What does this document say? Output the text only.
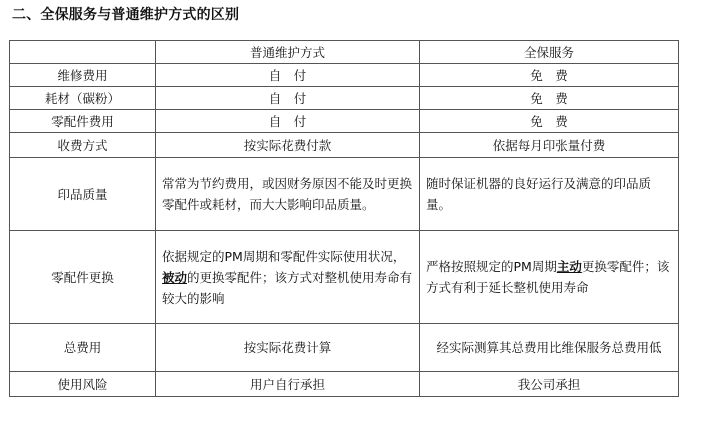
二、全保服务与普通维护方式的区别
	普通维护方式	全保服务
维修费用	自　付	免　费
耗材（碳粉）	自　付	免　费
零配件费用	自　付	免　费
收费方式	按实际花费付款	依据每月印张量付费
印品质量	常常为节约费用，或因财务原因不能及时更换零配件或耗材，而大大影响印品质量。	随时保证机器的良好运行及满意的印品质量。
零配件更换	依据规定的PM周期和零配件实际使用状况，被动的更换零配件；该方式对整机使用寿命有较大的影响	严格按照规定的PM周期主动更换零配件；该方式有利于延长整机使用寿命
总费用	按实际花费计算	经实际测算其总费用比维保服务总费用低
使用风险	用户自行承担	我公司承担
